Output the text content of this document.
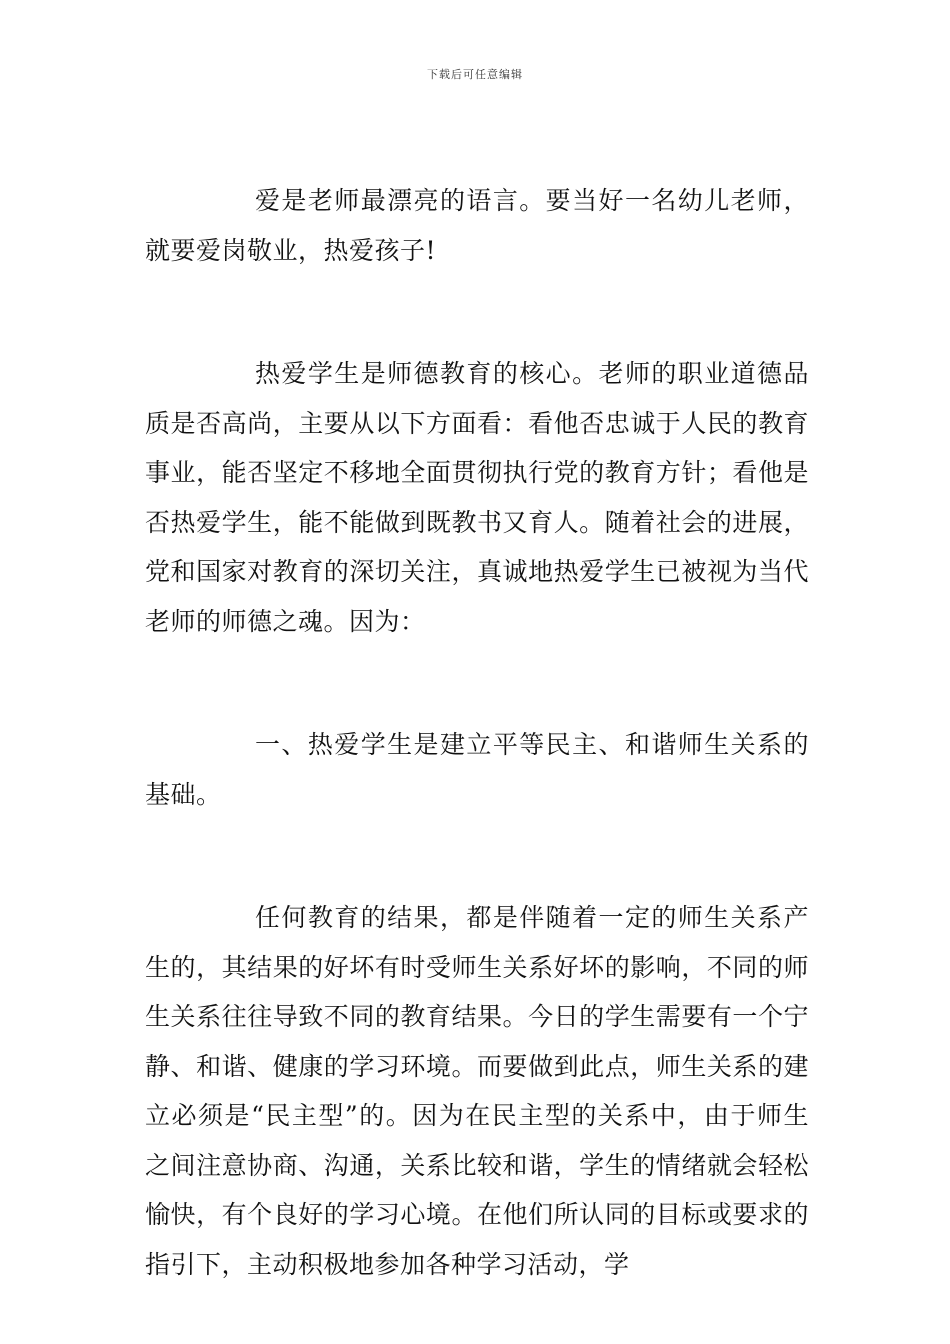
下载后可任意编辑

爱是老师最漂亮的语言。要当好一名幼儿老师，就要爱岗敬业，热爱孩子!

热爱学生是师德教育的核心。老师的职业道德品质是否高尚，主要从以下方面看：看他否忠诚于人民的教育事业，能否坚定不移地全面贯彻执行党的教育方针；看他是否热爱学生，能不能做到既教书又育人。随着社会的进展，党和国家对教育的深切关注，真诚地热爱学生已被视为当代老师的师德之魂。因为：

一、热爱学生是建立平等民主、和谐师生关系的基础。

任何教育的结果，都是伴随着一定的师生关系产生的，其结果的好坏有时受师生关系好坏的影响，不同的师生关系往往导致不同的教育结果。今日的学生需要有一个宁静、和谐、健康的学习环境。而要做到此点，师生关系的建立必须是“民主型”的。因为在民主型的关系中，由于师生之间注意协商、沟通，关系比较和谐，学生的情绪就会轻松愉快，有个良好的学习心境。在他们所认同的目标或要求的指引下，主动积极地参加各种学习活动，学
